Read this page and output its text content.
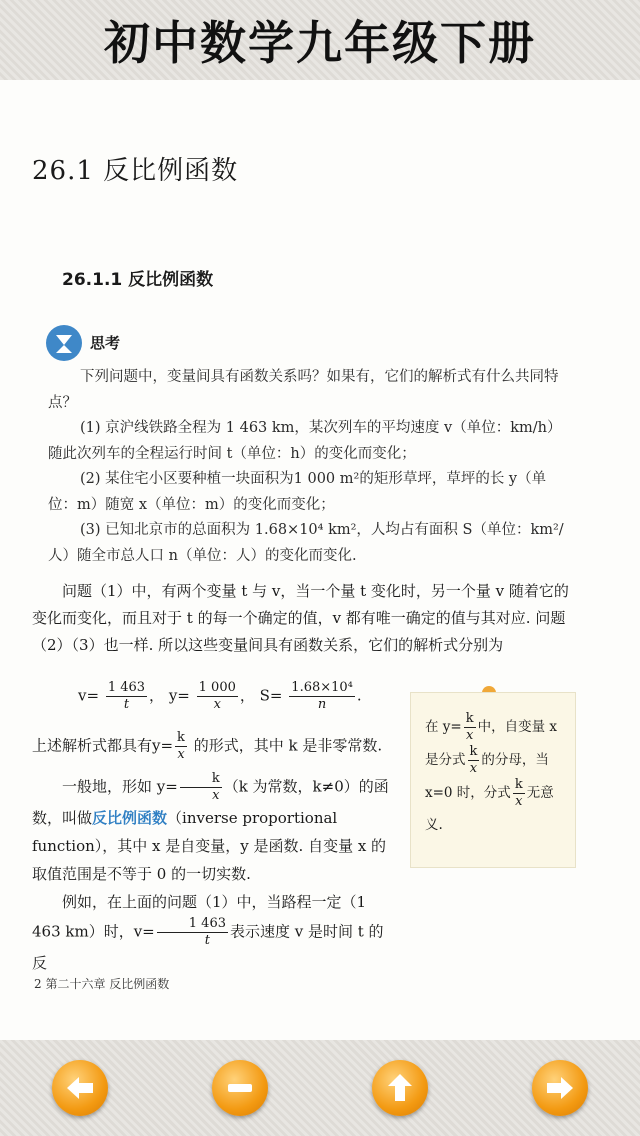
初中数学九年级下册
26.1 反比例函数
26.1.1 反比例函数
思考

下列问题中，变量间具有函数关系吗？如果有，它们的解析式有什么共同特点？

(1) 京沪线铁路全程为 1 463 km，某次列车的平均速度 v（单位：km/h）随此次列车的全程运行时间 t（单位：h）的变化而变化；

(2) 某住宅小区要种植一块面积为1 000 m²的矩形草坪，草坪的长 y（单位：m）随宽 x（单位：m）的变化而变化；

(3) 已知北京市的总面积为 1.68×10⁴ km²，人均占有面积 S（单位：km²/人）随全市总人口 n（单位：人）的变化而变化.

问题（1）中，有两个变量 t 与 v，当一个量 t 变化时，另一个量 v 随着它的变化而变化，而且对于 t 的每一个确定的值，v 都有唯一确定的值与其对应. 问题（2）（3）也一样. 所以这些变量间具有函数关系，它们的解析式分别为

$v= \frac{1 463}{t}$ ， $y= \frac{1 000}{x}$ ， $S= \frac{\text{1.68×10⁴}}{n}$ .

上述解析式都具有$y= \frac{k}{x}$ 的形式，其中 k 是非零常数.

一般地，形如 $y= \frac{k}{x} (k$ 为常数，k≠0）的函数，叫做反比例函数（inverse proportional function），其中 x 是自变量，y 是函数. 自变量 x 的取值范围是不等于 0 的一切实数.

例如，在上面的问题（1）中，当路程一定（1 463 km）时，$v= \frac{1 463}{t}$ 表示速度 v 是时间 t 的反

在 $y= \frac{k}{x}$ 中，自变量 x 是分式 $\frac{k}{x}$ 的分母，当 x=0 时，分式 $\frac{k}{x}$ 无意义.
2 第二十六章 反比例函数
